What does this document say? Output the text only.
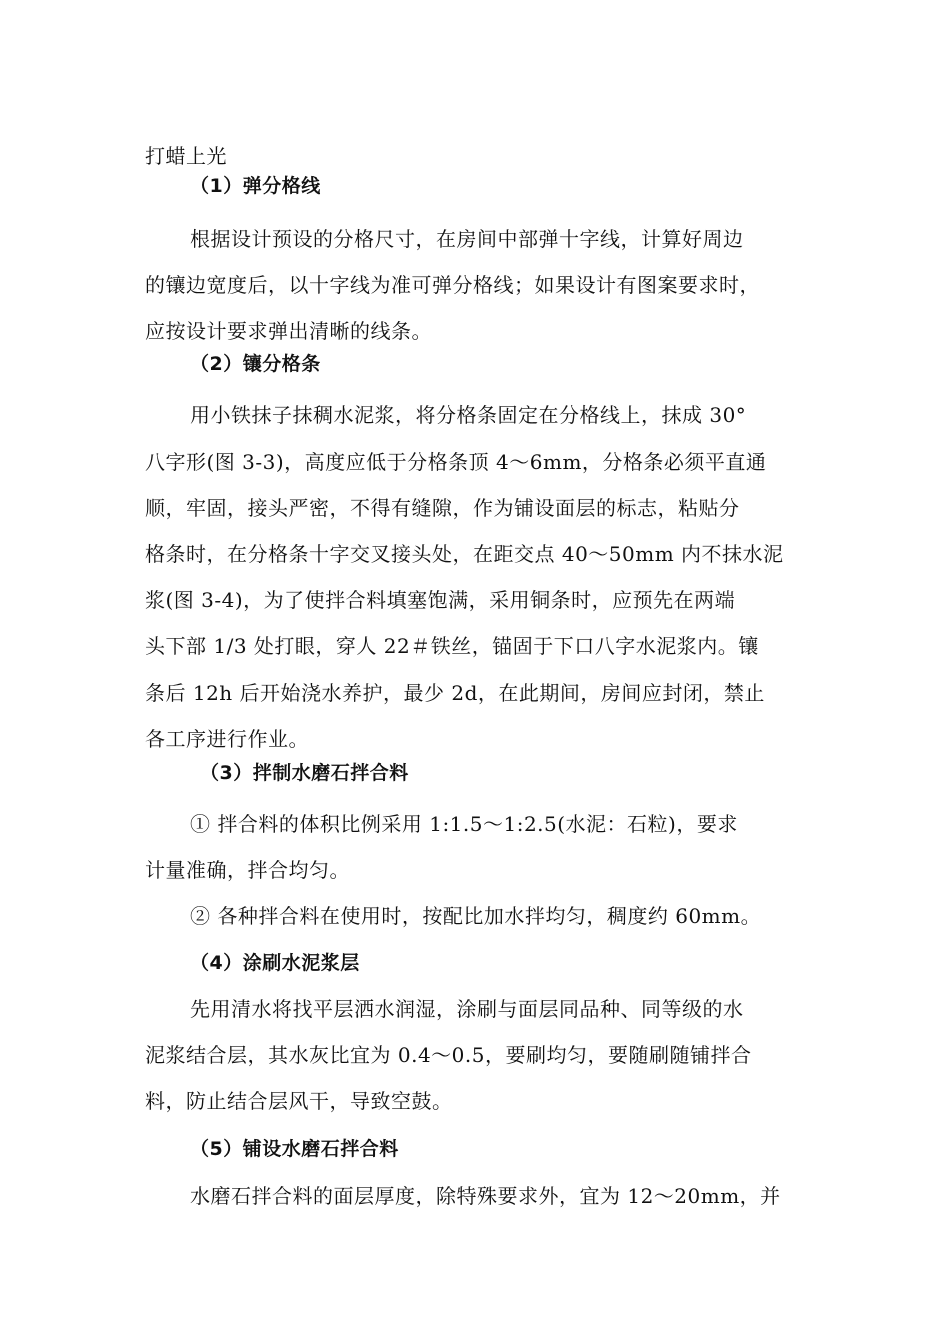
打蜡上光
（1）弹分格线
根据设计预设的分格尺寸，在房间中部弹十字线，计算好周边
的镶边宽度后，以十字线为准可弹分格线；如果设计有图案要求时，
应按设计要求弹出清晰的线条。
（2）镶分格条
用小铁抹子抹稠水泥浆，将分格条固定在分格线上，抹成 30°
八字形(图 3-3)，高度应低于分格条顶 4～6mm，分格条必须平直通
顺，牢固，接头严密，不得有缝隙，作为铺设面层的标志，粘贴分
格条时，在分格条十字交叉接头处，在距交点 40～50mm 内不抹水泥
浆(图 3-4)，为了使拌合料填塞饱满，采用铜条时，应预先在两端
头下部 1/3 处打眼，穿人 22＃铁丝，锚固于下口八字水泥浆内。镶
条后 12h 后开始浇水养护，最少 2d，在此期间，房间应封闭，禁止
各工序进行作业。
（3）拌制水磨石拌合料
① 拌合料的体积比例采用 1:1.5～1:2.5(水泥：石粒)，要求
计量准确，拌合均匀。
② 各种拌合料在使用时，按配比加水拌均匀，稠度约 60mm。
（4）涂刷水泥浆层
先用清水将找平层洒水润湿，涂刷与面层同品种、同等级的水
泥浆结合层，其水灰比宜为 0.4～0.5，要刷均匀，要随刷随铺拌合
料，防止结合层风干，导致空鼓。
（5）铺设水磨石拌合料
水磨石拌合料的面层厚度，除特殊要求外，宜为 12～20mm，并
